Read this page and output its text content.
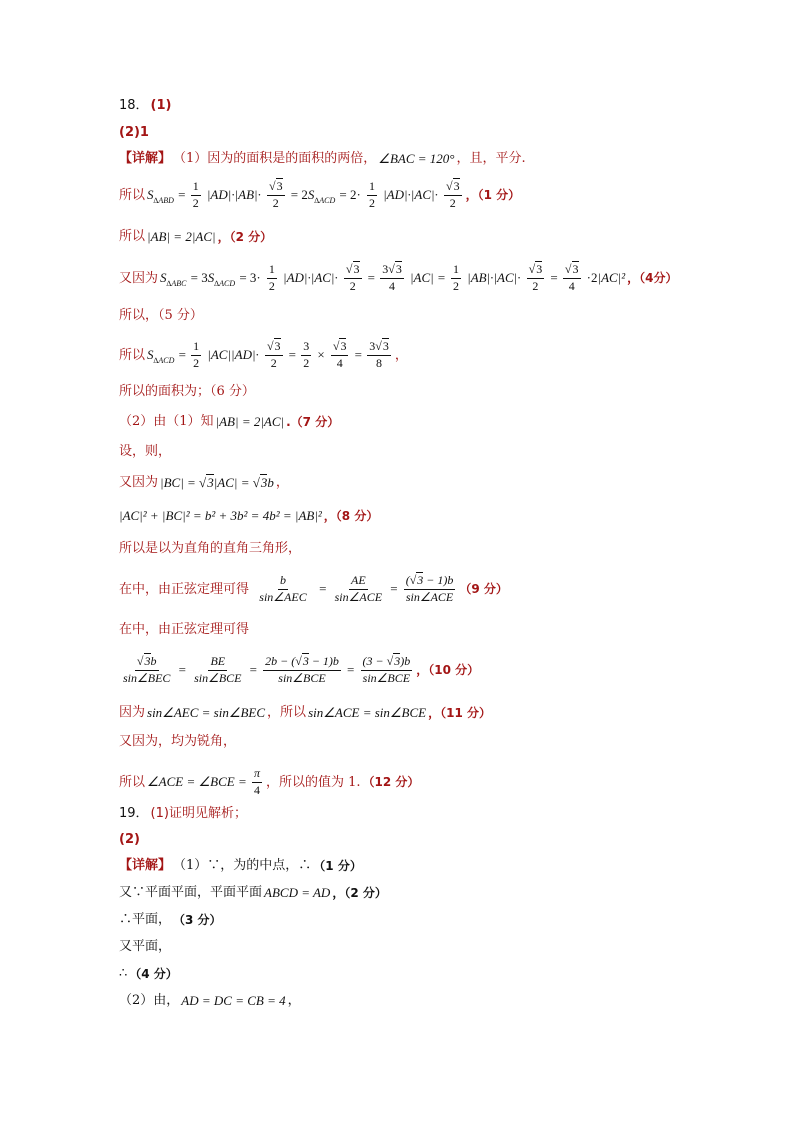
18． (1)
(2)1
【详解】 （1）因为的面积是的面积的两倍， ∠BAC = 120° ，且，平分.
所以 $S_{\Delta ABD} = \frac{1}{2} |AD|\cdot|AB|\cdot \frac{√3}{2} = 2S_{\Delta ACD} = 2\cdot \frac{1}{2} |AD|\cdot|AC|\cdot \frac{√3}{2}$ ，（1 分）
所以 |AB| = 2|AC| ，（2 分）
又因为 $S_{\Delta ABC} = 3S_{\Delta ACD} = 3\cdot \frac{1}{2} |AD|\cdot|AC|\cdot \frac{√3}{2} = \frac{3√3}{4} |AC| = \frac{1}{2} |AB|\cdot|AC|\cdot \frac{√3}{2} = \frac{√3}{4} \cdot 2|AC|^2$ ，（4分）
所以，（5 分）
所以 $S_{\Delta ACD} = \frac{1}{2} |AC||AD|\cdot \frac{√3}{2} = \frac{3}{2} \times \frac{√3}{4} = \frac{3√3}{8}$ ，
所以的面积为；（6 分）
（2）由（1）知 |AB| = 2|AC| .（7 分）
设，则，
又因为 |BC| = √3|AC| = √3b ，
|AC|² + |BC|² = b² + 3b² = 4b² = |AB|² ，（8 分）
所以是以为直角的直角三角形，
在中，由正弦定理可得 $\frac{b}{\text{sin∠AEC}} = \frac{AE}{\text{sin∠ACE}} = \frac{(√3 - 1)b}{\text{sin∠ACE}} (9$ 分）
在中，由正弦定理可得
$\frac{√3b}{\text{sin∠BEC}} = \frac{BE}{\text{sin∠BCE}} = \frac{2b - (√3 - 1)b}{\text{sin∠BCE}} = \frac{(3 - √3)b}{\text{sin∠BCE}}$ ，（10 分）
因为 sin∠AEC = sin∠BEC ，所以 sin∠ACE = sin∠BCE ，（11 分）
又因为，均为锐角，
所以 ∠ACE = ∠BCE = $\frac{\pi}{4}$ ，所以的值为 1. （12 分）
19． (1)证明见解析；
(2)
【详解】 （1）∵，为的中点，∴ （1 分）
又∵平面平面，平面平面 ABCD = AD ，（2 分）
∴平面， （3 分）
又平面，
∴ （4 分）
（2）由， AD = DC = CB = 4 ，
